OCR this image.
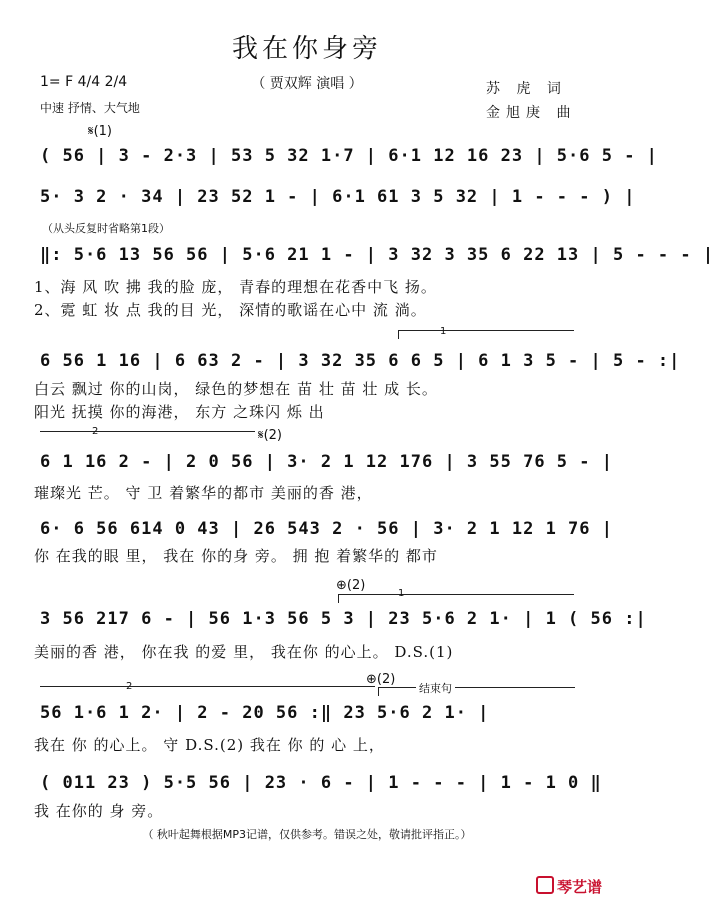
我在你身旁
（ 贾双辉 演唱 ）
1= F 4/4 2/4
中速 抒情、大气地
苏 虎 词
金旭庚 曲
𝄋(1)
( 56 | 3 - 2·3 | 53 5 32 1·7 | 6·1 12 16 23 | 5·6 5 - |
5· 3 2 · 34 | 23 52 1 - | 6·1 61 3 5 32 | 1 - - - ) |
（从头反复时省略第1段）
‖: 5·6 13 56 56 | 5·6 21 1 - | 3 32 3 35 6 22 13 | 5 - - - |
1、海 风 吹 拂 我的脸 庞， 青春的理想在花香中飞 扬。
2、霓 虹 妆 点 我的目 光， 深情的歌谣在心中 流 淌。
1
6 56 1 16 | 6 63 2 - | 3 32 35 6 6 5 | 6 1 3 5 - | 5 - :|
白云 飘过 你的山岗， 绿色的梦想在 苗 壮 苗 壮 成 长。
阳光 抚摸 你的海港， 东方 之珠闪 烁 出
2	𝄋(2)
6 1 16 2 - | 2 0 56 | 3· 2 1 12 176 | 3 55 76 5 - |
璀璨光 芒。 守 卫 着繁华的都市 美丽的香 港，
6· 6 56 614 0 43 | 26 543 2 · 56 | 3· 2 1 12 1 76 |
你 在我的眼 里， 我在 你的身 旁。 拥 抱 着繁华的 都市
⊕(2)
1
3 56 217 6 - | 56 1·3 56 5 3 | 23 5·6 2 1· | 1 ( 56 :|
美丽的香 港， 你在我 的爱 里， 我在你 的心上。 D.S.(1)
2	⊕(2)
结束句
56 1·6 1 2· | 2 - 20 56 :‖ 23 5·6 2 1· |
我在 你 的心上。 守 D.S.(2) 我在 你 的 心 上，
( 011 23 ) 5·5 56 | 23 · 6 - | 1 - - - | 1 - 1 0 ‖
我 在你的 身 旁。
（ 秋叶起舞根据MP3记谱，仅供参考。错误之处，敬请批评指正。）
琴艺谱
